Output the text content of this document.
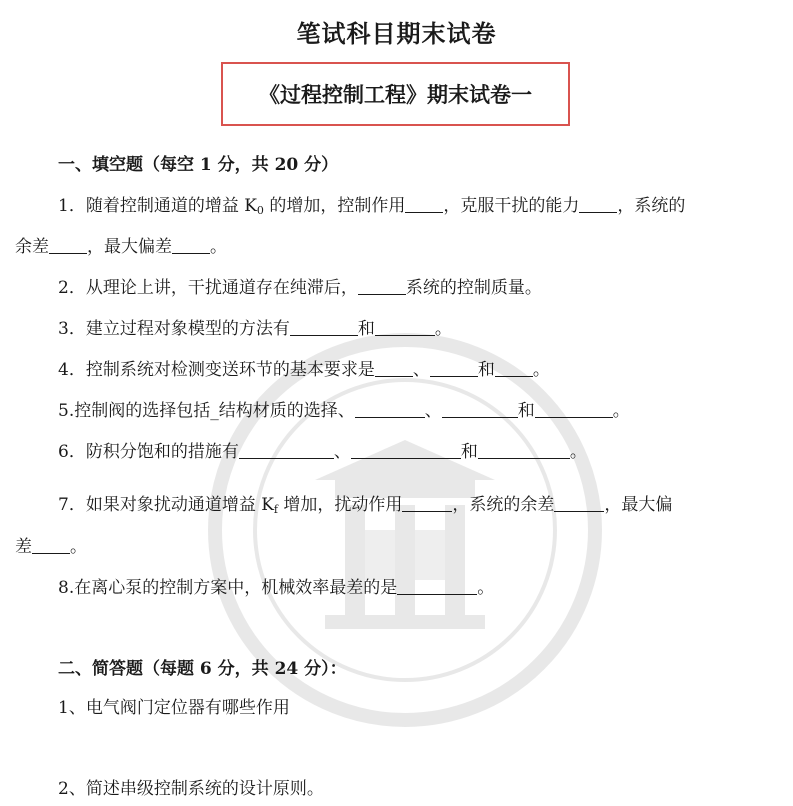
笔试科目期末试卷
《过程控制工程》期末试卷一
一、填空题（每空 1 分，共 20 分）
1．随着控制通道的增益 $K_0$ 的增加，控制作用 ，克服干扰的能力 ，系统的
余差 ，最大偏差 。
2．从理论上讲，干扰通道存在纯滞后，	系统的控制质量。
3．建立过程对象模型的方法有	和	。
4．控制系统对检测变送环节的基本要求是 、	和 。
5.控制阀的选择包括_结构材质的选择、	、	和	。
6．防积分饱和的措施有	、	和	。
7．如果对象扰动通道增益 $K_f$ 增加，扰动作用	，系统的余差	，最大偏
差 。
8.在离心泵的控制方案中，机械效率最差的是	。
二、简答题（每题 6 分，共 24 分）：
1、电气阀门定位器有哪些作用
2、简述串级控制系统的设计原则。
